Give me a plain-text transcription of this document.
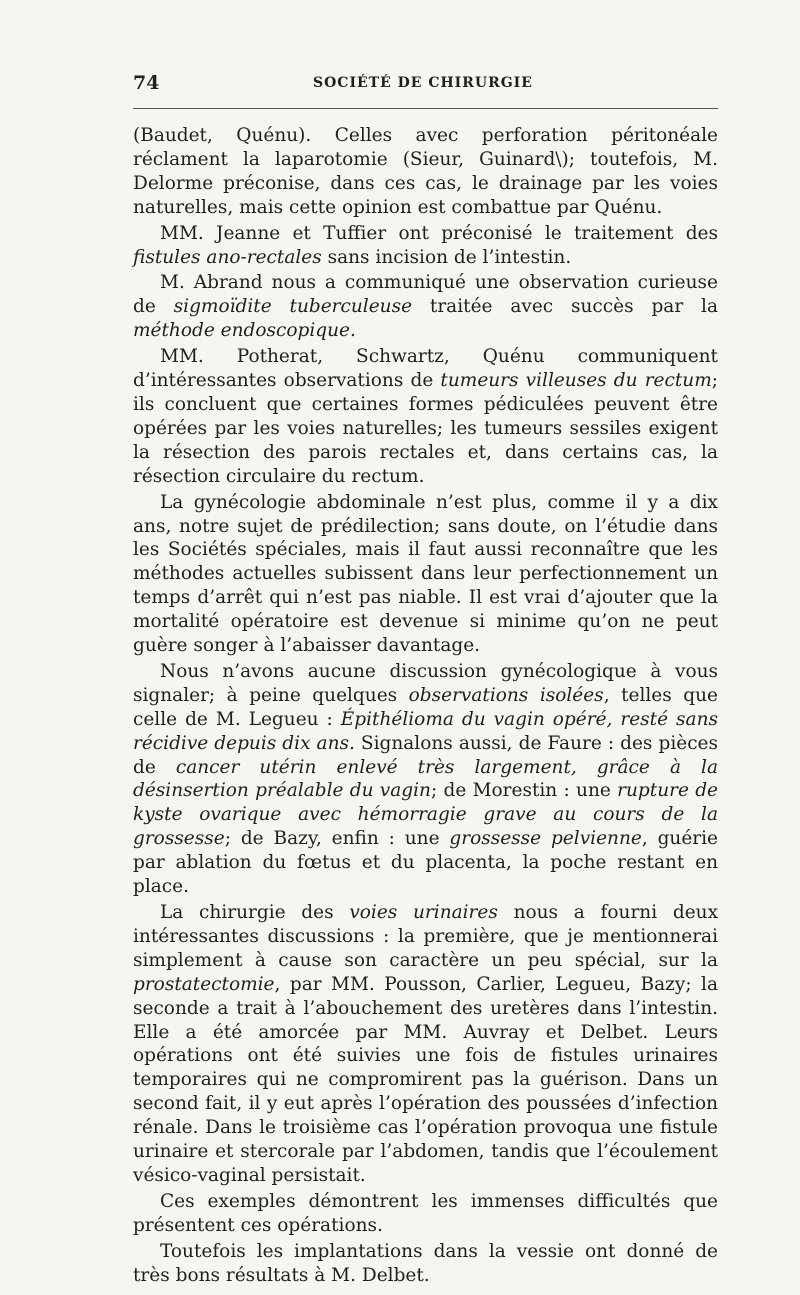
74	SOCIÉTÉ DE CHIRURGIE

(Baudet, Quénu). Celles avec perforation péritonéale réclament la laparotomie (Sieur, Guinard\); toutefois, M. Delorme préconise, dans ces cas, le drainage par les voies naturelles, mais cette opinion est combattue par Quénu.

MM. Jeanne et Tuffier ont préconisé le traitement des fistules ano-rectales sans incision de l’intestin.

M. Abrand nous a communiqué une observation curieuse de sigmoïdite tuberculeuse traitée avec succès par la méthode endoscopique.

MM. Potherat, Schwartz, Quénu communiquent d’intéressantes observations de tumeurs villeuses du rectum; ils concluent que certaines formes pédiculées peuvent être opérées par les voies naturelles; les tumeurs sessiles exigent la résection des parois rectales et, dans certains cas, la résection circulaire du rectum.

La gynécologie abdominale n’est plus, comme il y a dix ans, notre sujet de prédilection; sans doute, on l’étudie dans les Sociétés spéciales, mais il faut aussi reconnaître que les méthodes actuelles subissent dans leur perfectionnement un temps d’arrêt qui n’est pas niable. Il est vrai d’ajouter que la mortalité opératoire est devenue si minime qu’on ne peut guère songer à l’abaisser davantage.

Nous n’avons aucune discussion gynécologique à vous signaler; à peine quelques observations isolées, telles que celle de M. Legueu : Épithélioma du vagin opéré, resté sans récidive depuis dix ans. Signalons aussi, de Faure : des pièces de cancer utérin enlevé très largement, grâce à la désinsertion préalable du vagin; de Morestin : une rupture de kyste ovarique avec hémorragie grave au cours de la grossesse; de Bazy, enfin : une grossesse pelvienne, guérie par ablation du fœtus et du placenta, la poche restant en place.

La chirurgie des voies urinaires nous a fourni deux intéressantes discussions : la première, que je mentionnerai simplement à cause son caractère un peu spécial, sur la prostatectomie, par MM. Pousson, Carlier, Legueu, Bazy; la seconde a trait à l’abouchement des uretères dans l’intestin. Elle a été amorcée par MM. Auvray et Delbet. Leurs opérations ont été suivies une fois de fistules urinaires temporaires qui ne compromirent pas la guérison. Dans un second fait, il y eut après l’opération des poussées d’infection rénale. Dans le troisième cas l’opération provoqua une fistule urinaire et stercorale par l’abdomen, tandis que l’écoulement vésico-vaginal persistait.

Ces exemples démontrent les immenses difficultés que présentent ces opérations.

Toutefois les implantations dans la vessie ont donné de très bons résultats à M. Delbet.
